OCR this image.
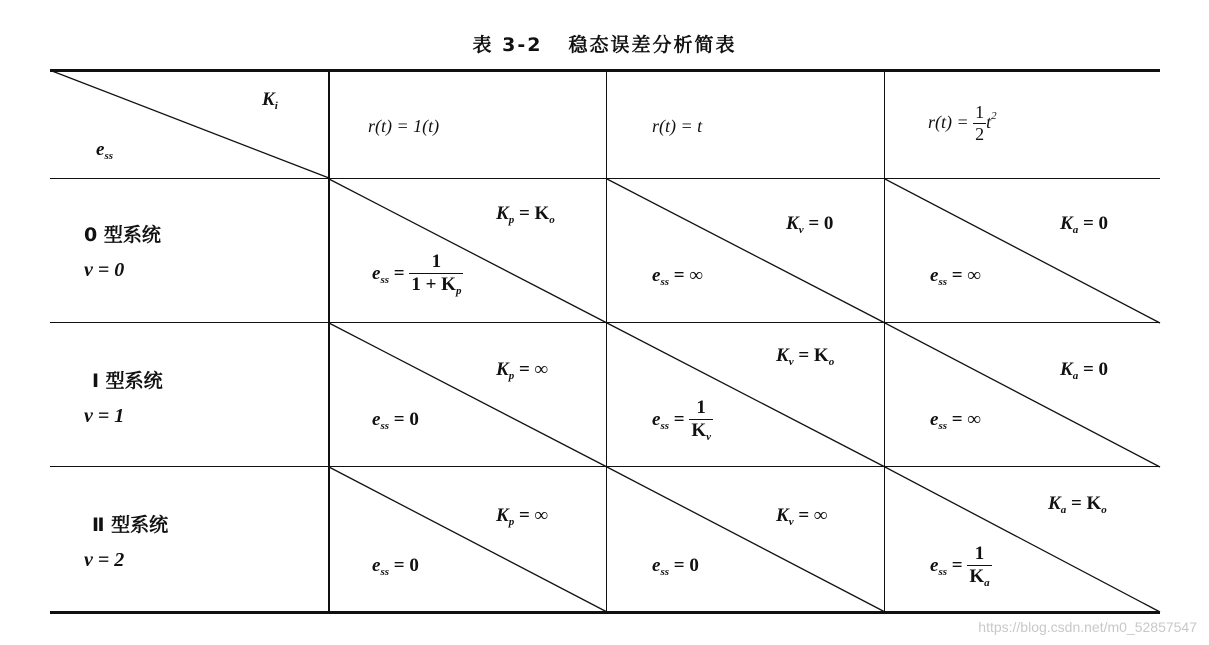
表 3-2 稳态误差分析简表
$K_i$
$e_{ss}$
r(t) = 1(t)	r(t) = t	$r(t) = \frac{1}{2} t^2$
0 型系统
ν = 0
Ⅰ 型系统
ν = 1
Ⅱ 型系统
ν = 2
$K_p = K_o$
$e_{ss} = \frac{1}{1 + K_p}$
$K_v = 0$
$e_{ss}$ = ∞
$K_a = 0$
$e_{ss}$ = ∞
$K_p$ = ∞
$e_{ss} = 0$
$K_v = K_o$
$e_{ss} = \frac{1}{K_v}$
$K_a = 0$
$e_{ss}$ = ∞
$K_p$ = ∞
$e_{ss} = 0$
$K_v$ = ∞
$e_{ss} = 0$
$K_a = K_o$
$e_{ss} = \frac{1}{K_a}$
https://blog.csdn.net/m0_52857547
